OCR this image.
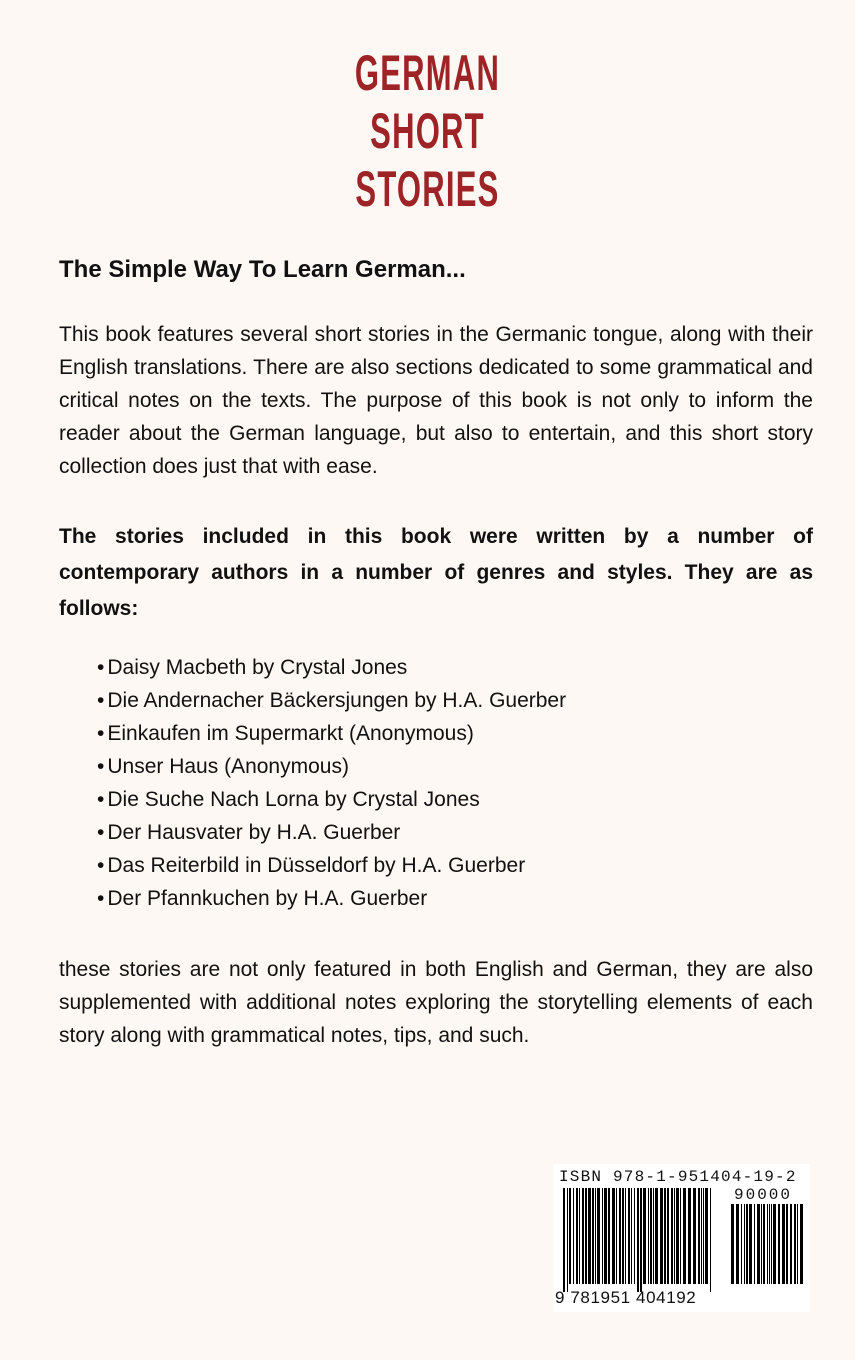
GERMAN
SHORT
STORIES
The Simple Way To Learn German...

This book features several short stories in the Germanic tongue, along with their English translations. There are also sections dedicated to some grammatical and critical notes on the texts. The purpose of this book is not only to inform the reader about the German language, but also to entertain, and this short story collection does just that with ease.

The stories included in this book were written by a number of contemporary authors in a number of genres and styles. They are as follows:

• Daisy Macbeth by Crystal Jones
• Die Andernacher Bäckersjungen by H.A. Guerber
• Einkaufen im Supermarkt (Anonymous)
• Unser Haus (Anonymous)
• Die Suche Nach Lorna by Crystal Jones
• Der Hausvater by H.A. Guerber
• Das Reiterbild in Düsseldorf by H.A. Guerber
• Der Pfannkuchen by H.A. Guerber

these stories are not only featured in both English and German, they are also supplemented with additional notes exploring the storytelling elements of each story along with grammatical notes, tips, and such.

ISBN 978-1-951404-19-2
90000
9 781951 404192
